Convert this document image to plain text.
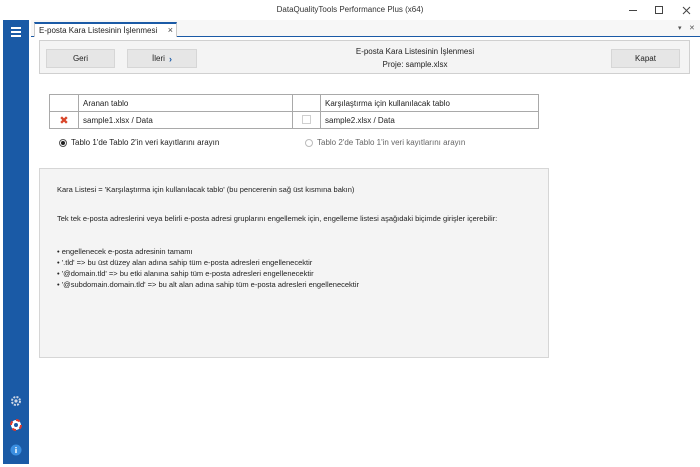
DataQualityTools Performance Plus (x64)
E-posta Kara Listesinin İşlenmesi ×	▾ ✕
Geri	İleri ›
E-posta Kara Listesinin İşlenmesi
Proje: sample.xlsx
Kapat
	Aranan tablo		Karşılaştırma için kullanılacak tablo
✖	sample1.xlsx / Data		sample2.xlsx / Data
Tablo 1'de Tablo 2'in veri kayıtlarını arayın	Tablo 2'de Tablo 1'in veri kayıtlarını arayın
Kara Listesi = 'Karşılaştırma için kullanılacak tablo' (bu pencerenin sağ üst kısmına bakın)
Tek tek e-posta adreslerini veya belirli e-posta adresi gruplarını engellemek için, engelleme listesi aşağıdaki biçimde girişler içerebilir:
• engellenecek e-posta adresinin tamamı
• '.tld' => bu üst düzey alan adına sahip tüm e-posta adresleri engellenecektir
• '@domain.tld' => bu etki alanına sahip tüm e-posta adresleri engellenecektir
• '@subdomain.domain.tld' => bu alt alan adına sahip tüm e-posta adresleri engellenecektir
